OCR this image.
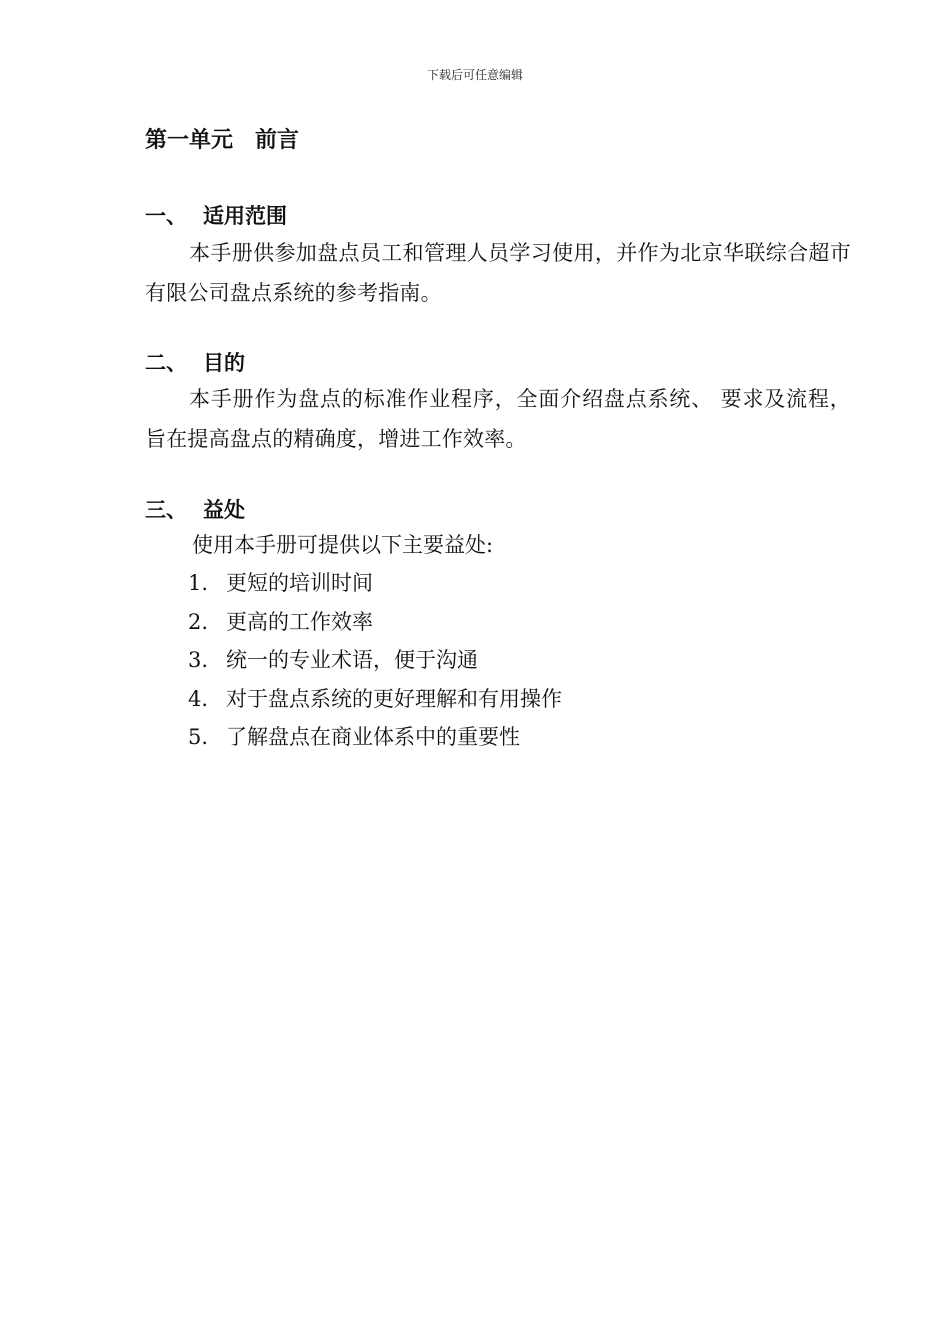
下载后可任意编辑
第一单元　前言
一、 适用范围
本手册供参加盘点员工和管理人员学习使用，并作为北京华联综合超市有限公司盘点系统的参考指南。
二、 目的
本手册作为盘点的标准作业程序，全面介绍盘点系统、 要求及流程，旨在提高盘点的精确度，增进工作效率。
三、 益处
使用本手册可提供以下主要益处:
1. 更短的培训时间
2. 更高的工作效率
3. 统一的专业术语，便于沟通
4. 对于盘点系统的更好理解和有用操作
5. 了解盘点在商业体系中的重要性
